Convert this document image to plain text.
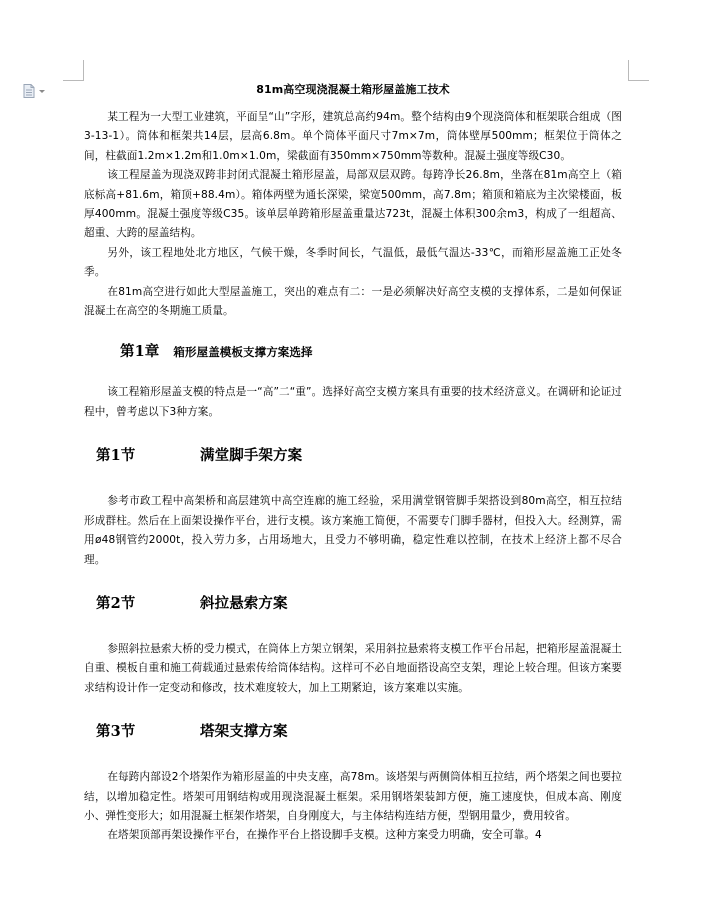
81m高空现浇混凝土箱形屋盖施工技术

某工程为一大型工业建筑，平面呈“山”字形，建筑总高约94m。整个结构由9个现浇筒体和框架联合组成（图3-13-1）。筒体和框架共14层，层高6.8m。单个筒体平面尺寸7m×7m，筒体壁厚500mm；框架位于筒体之间，柱截面1.2m×1.2m和1.0m×1.0m，梁截面有350mm×750mm等数种。混凝土强度等级C30。

该工程屋盖为现浇双跨非封闭式混凝土箱形屋盖，局部双层双跨。每跨净长26.8m，坐落在81m高空上（箱底标高+81.6m，箱顶+88.4m）。箱体两壁为通长深梁，梁宽500mm，高7.8m；箱顶和箱底为主次梁楼面，板厚400mm。混凝土强度等级C35。该单层单跨箱形屋盖重量达723t，混凝土体积300余m3，构成了一组超高、超重、大跨的屋盖结构。

另外，该工程地处北方地区，气候干燥，冬季时间长，气温低，最低气温达-33℃，而箱形屋盖施工正处冬季。

在81m高空进行如此大型屋盖施工，突出的难点有二：一是必须解决好高空支模的支撑体系，二是如何保证混凝土在高空的冬期施工质量。

第1章 箱形屋盖模板支撑方案选择

该工程箱形屋盖支模的特点是一“高”二“重”。选择好高空支模方案具有重要的技术经济意义。在调研和论证过程中，曾考虑以下3种方案。

第1节	满堂脚手架方案

参考市政工程中高架桥和高层建筑中高空连廊的施工经验，采用满堂钢管脚手架搭设到80m高空，相互拉结形成群柱。然后在上面架设操作平台，进行支模。该方案施工简便，不需要专门脚手器材，但投入大。经测算，需用ø48钢管约2000t，投入劳力多，占用场地大，且受力不够明确，稳定性难以控制，在技术上经济上都不尽合理。

第2节	斜拉悬索方案

参照斜拉悬索大桥的受力模式，在筒体上方架立钢架，采用斜拉悬索将支模工作平台吊起，把箱形屋盖混凝土自重、模板自重和施工荷载通过悬索传给筒体结构。这样可不必自地面搭设高空支架，理论上较合理。但该方案要求结构设计作一定变动和修改，技术难度较大，加上工期紧迫，该方案难以实施。

第3节	塔架支撑方案

在每跨内部设2个塔架作为箱形屋盖的中央支座，高78m。该塔架与两侧筒体相互拉结，两个塔架之间也要拉结，以增加稳定性。塔架可用钢结构或用现浇混凝土框架。采用钢塔架装卸方便，施工速度快，但成本高、刚度小、弹性变形大；如用混凝土框架作塔架，自身刚度大，与主体结构连结方便，型钢用量少，费用较省。

在塔架顶部再架设操作平台，在操作平台上搭设脚手支模。这种方案受力明确，安全可靠。4
